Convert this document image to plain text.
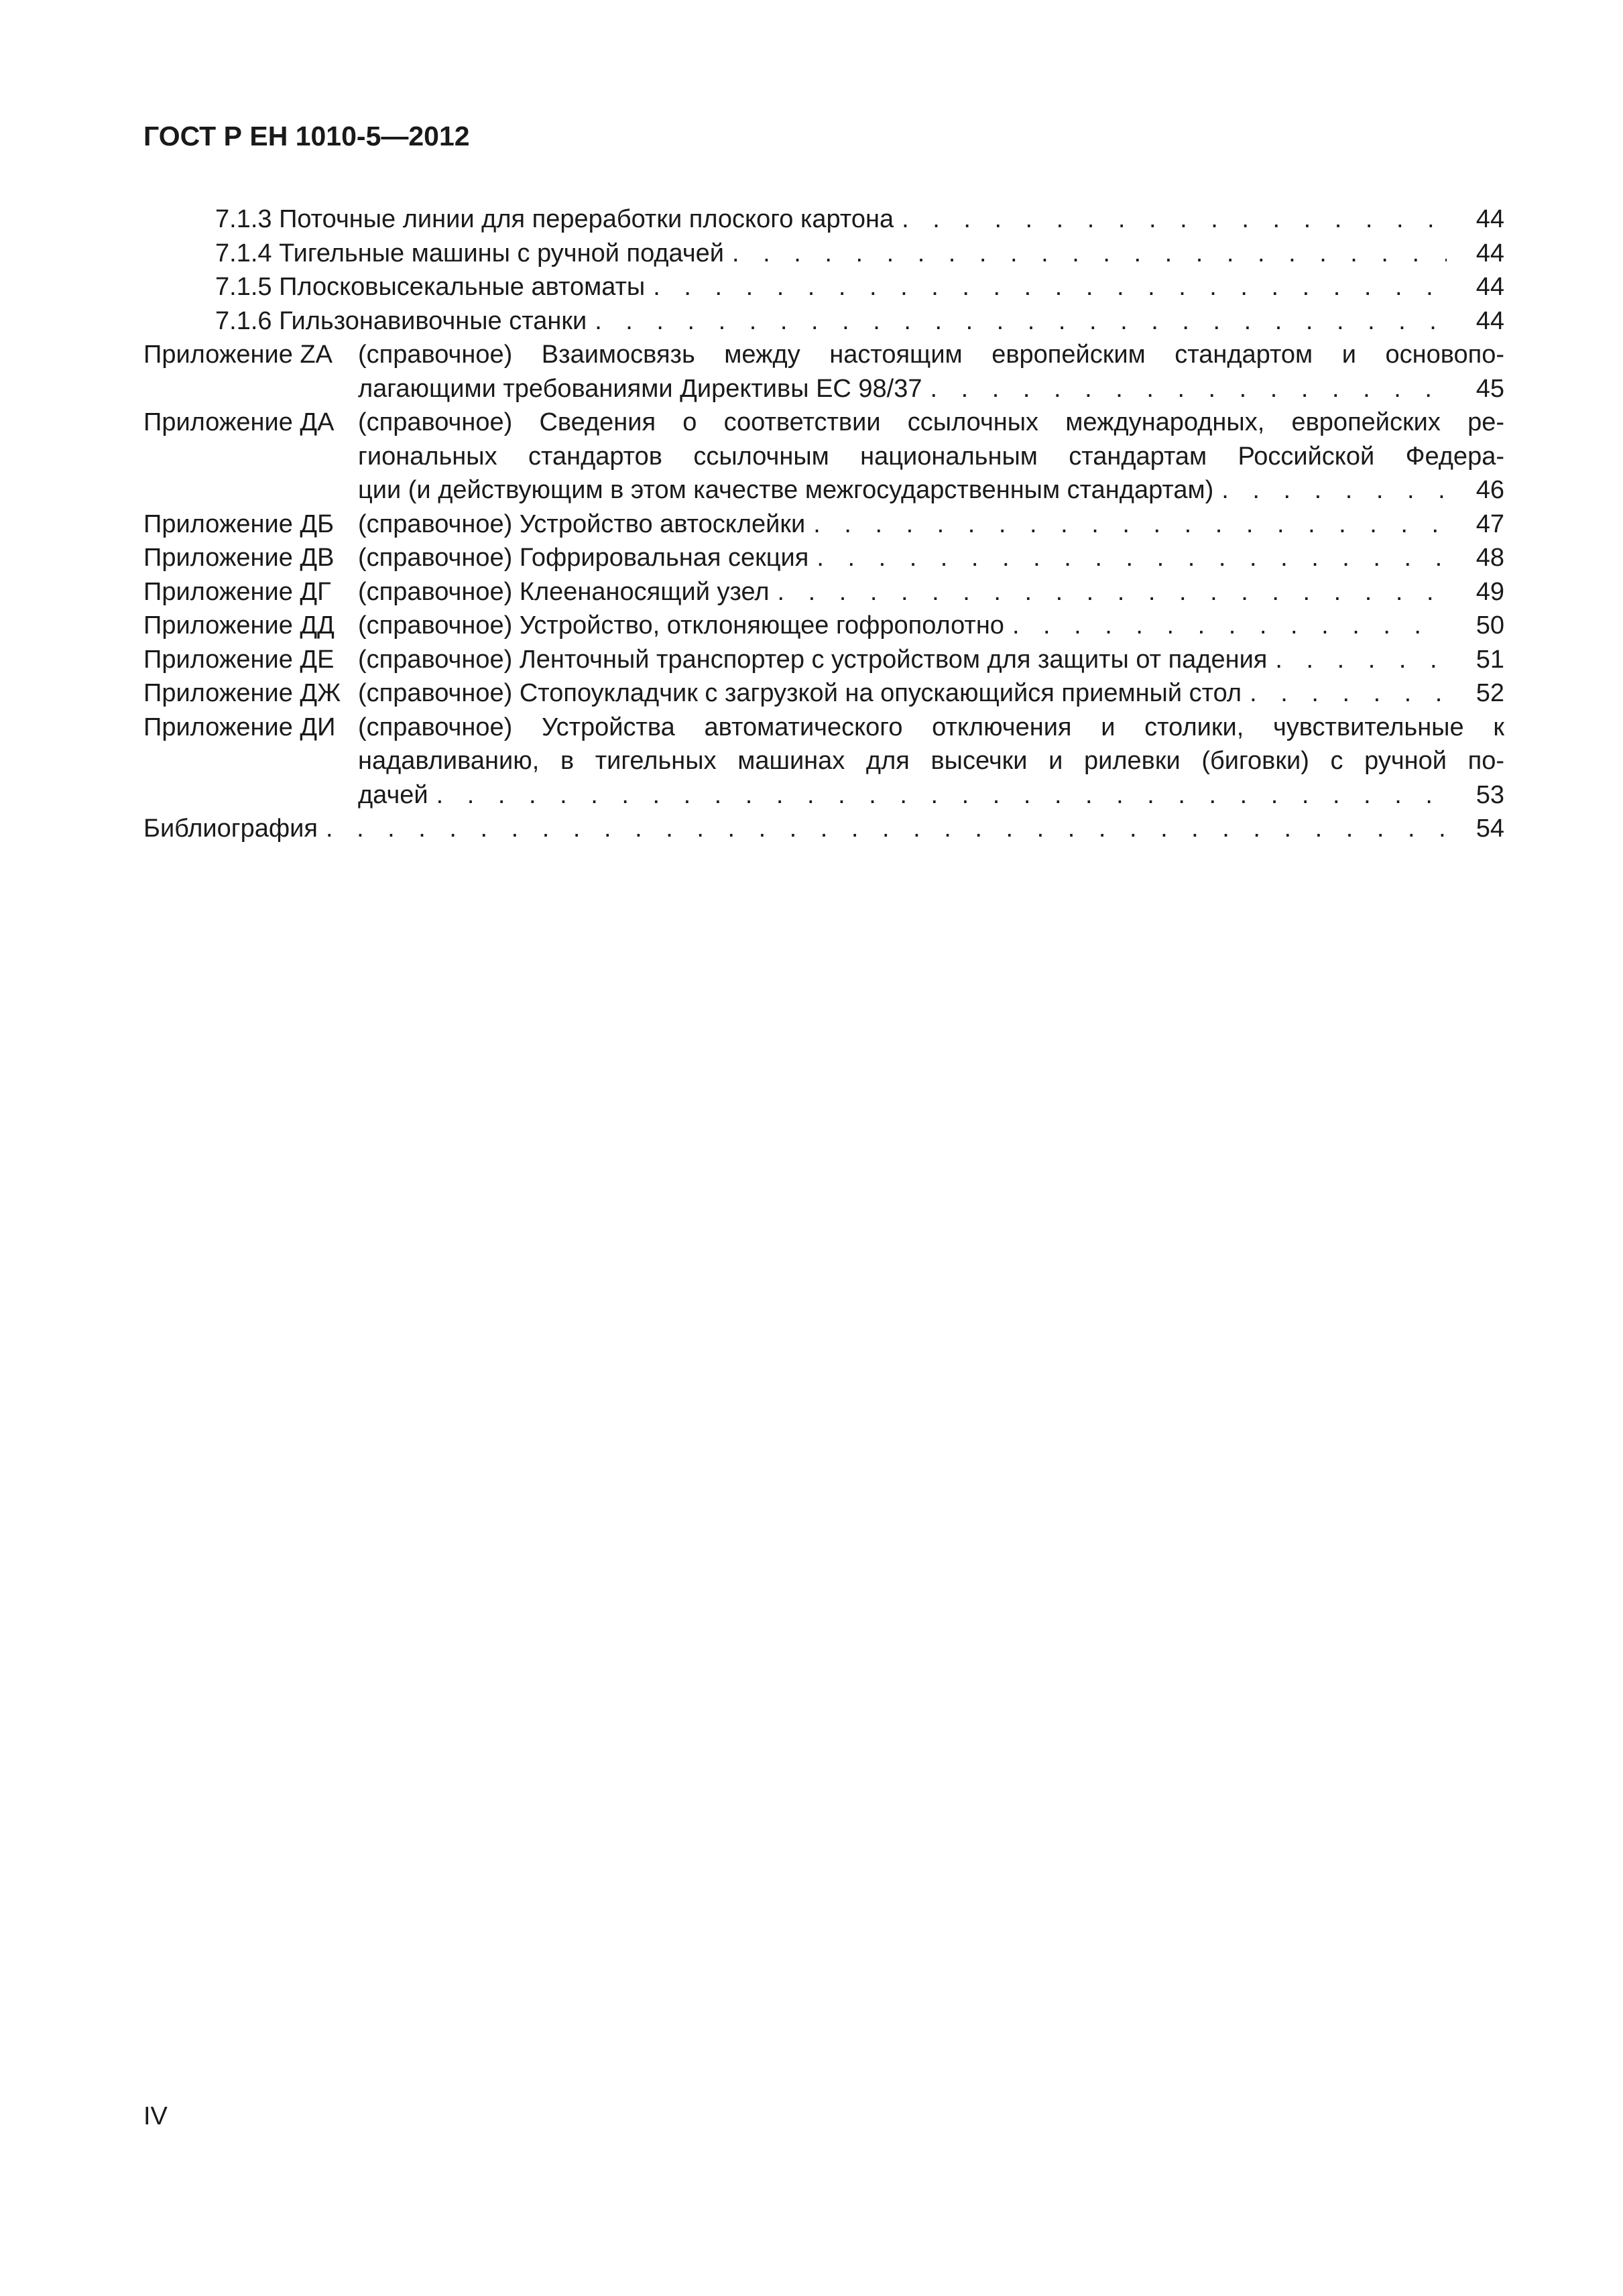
ГОСТ Р ЕН 1010-5—2012
7.1.3 Поточные линии для переработки плоского картона . . .	44
7.1.4 Тигельные машины с ручной подачей . . .	44
7.1.5 Плосковысекальные автоматы . . .	44
7.1.6 Гильзонавивочные станки . . .	44
Приложение ZA (справочное) Взаимосвязь между настоящим европейским стандартом и основопо-
лагающими требованиями Директивы ЕС 98/37 . . .	45
Приложение ДА (справочное) Сведения о соответствии ссылочных международных, европейских ре-
гиональных стандартов ссылочным национальным стандартам Российской Федера-
ции (и действующим в этом качестве межгосударственным стандартам) . . .	46
Приложение ДБ (справочное) Устройство автосклейки . . .	47
Приложение ДВ (справочное) Гофрировальная секция . . .	48
Приложение ДГ (справочное) Клеенаносящий узел . . .	49
Приложение ДД (справочное) Устройство, отклоняющее гофрополотно . . .	50
Приложение ДЕ (справочное) Ленточный транспортер с устройством для защиты от падения . . .	51
Приложение ДЖ (справочное) Стопоукладчик с загрузкой на опускающийся приемный стол . . .	52
Приложение ДИ (справочное) Устройства автоматического отключения и столики, чувствительные к
надавливанию, в тигельных машинах для высечки и рилевки (биговки) с ручной по-
дачей . . .	53
Библиография . . .	54
IV
